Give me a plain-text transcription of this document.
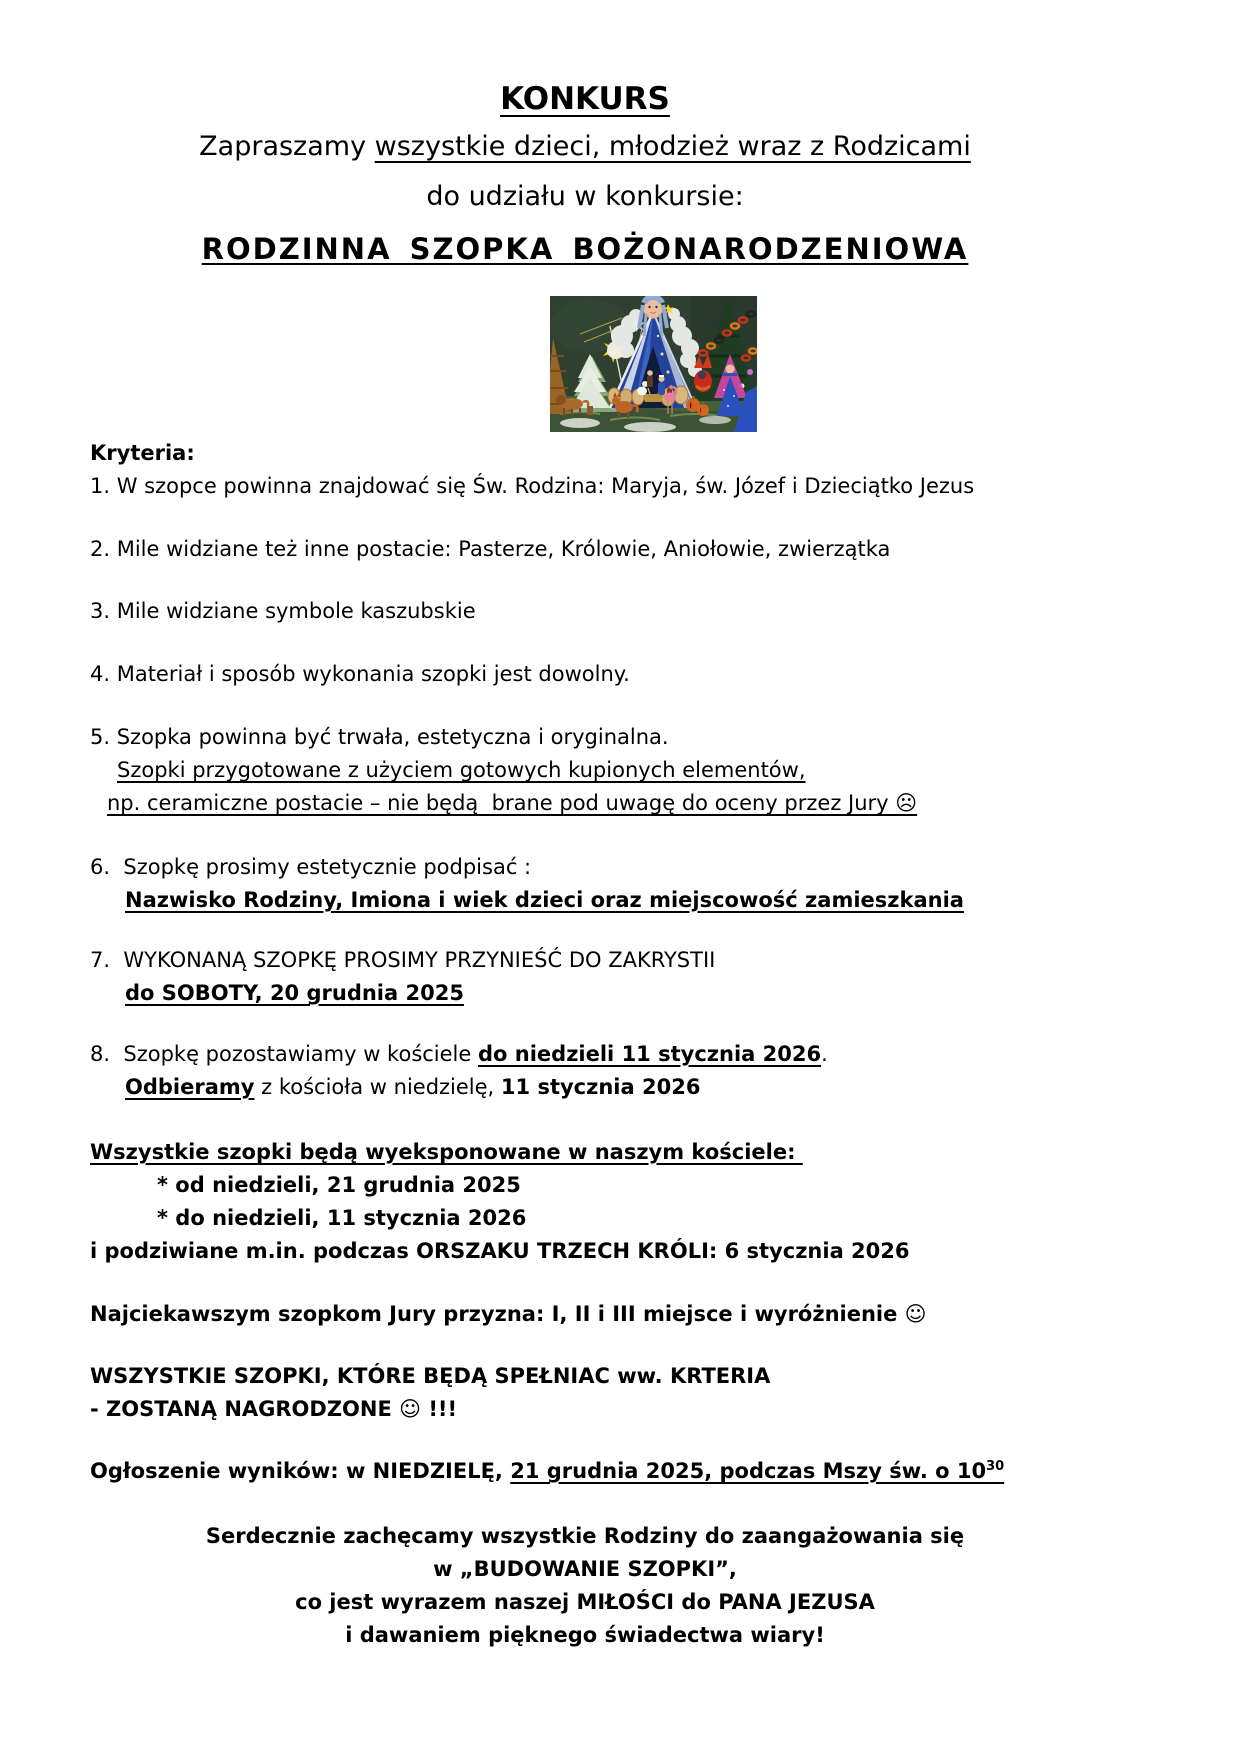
KONKURS
Zapraszamy wszystkie dzieci, młodzież wraz z Rodzicami
do udziału w konkursie:
RODZINNA SZOPKA BOŻONARODZENIOWA
Kryteria:
1. W szopce powinna znajdować się Św. Rodzina: Maryja, św. Józef i Dzieciątko Jezus
2. Mile widziane też inne postacie: Pasterze, Królowie, Aniołowie, zwierzątka
3. Mile widziane symbole kaszubskie
4. Materiał i sposób wykonania szopki jest dowolny.
5. Szopka powinna być trwała, estetyczna i oryginalna.
Szopki przygotowane z użyciem gotowych kupionych elementów,
np. ceramiczne postacie – nie będą  brane pod uwagę do oceny przez Jury ☹
6.  Szopkę prosimy estetycznie podpisać :
Nazwisko Rodziny, Imiona i wiek dzieci oraz miejscowość zamieszkania
7.  WYKONANĄ SZOPKĘ PROSIMY PRZYNIEŚĆ DO ZAKRYSTII
do SOBOTY, 20 grudnia 2025
8.  Szopkę pozostawiamy w kościele do niedzieli 11 stycznia 2026.
Odbieramy z kościoła w niedzielę, 11 stycznia 2026
Wszystkie szopki będą wyeksponowane w naszym kościele:
* od niedzieli, 21 grudnia 2025
* do niedzieli, 11 stycznia 2026
i podziwiane m.in. podczas ORSZAKU TRZECH KRÓLI: 6 stycznia 2026
Najciekawszym szopkom Jury przyzna: I, II i III miejsce i wyróżnienie ☺
WSZYSTKIE SZOPKI, KTÓRE BĘDĄ SPEŁNIAC ww. KRTERIA
- ZOSTANĄ NAGRODZONE ☺ !!!
Ogłoszenie wyników: w NIEDZIELĘ, 21 grudnia 2025, podczas Mszy św. o $10^{30}$
Serdecznie zachęcamy wszystkie Rodziny do zaangażowania się
w „BUDOWANIE SZOPKI”,
co jest wyrazem naszej MIŁOŚCI do PANA JEZUSA
i dawaniem pięknego świadectwa wiary!
